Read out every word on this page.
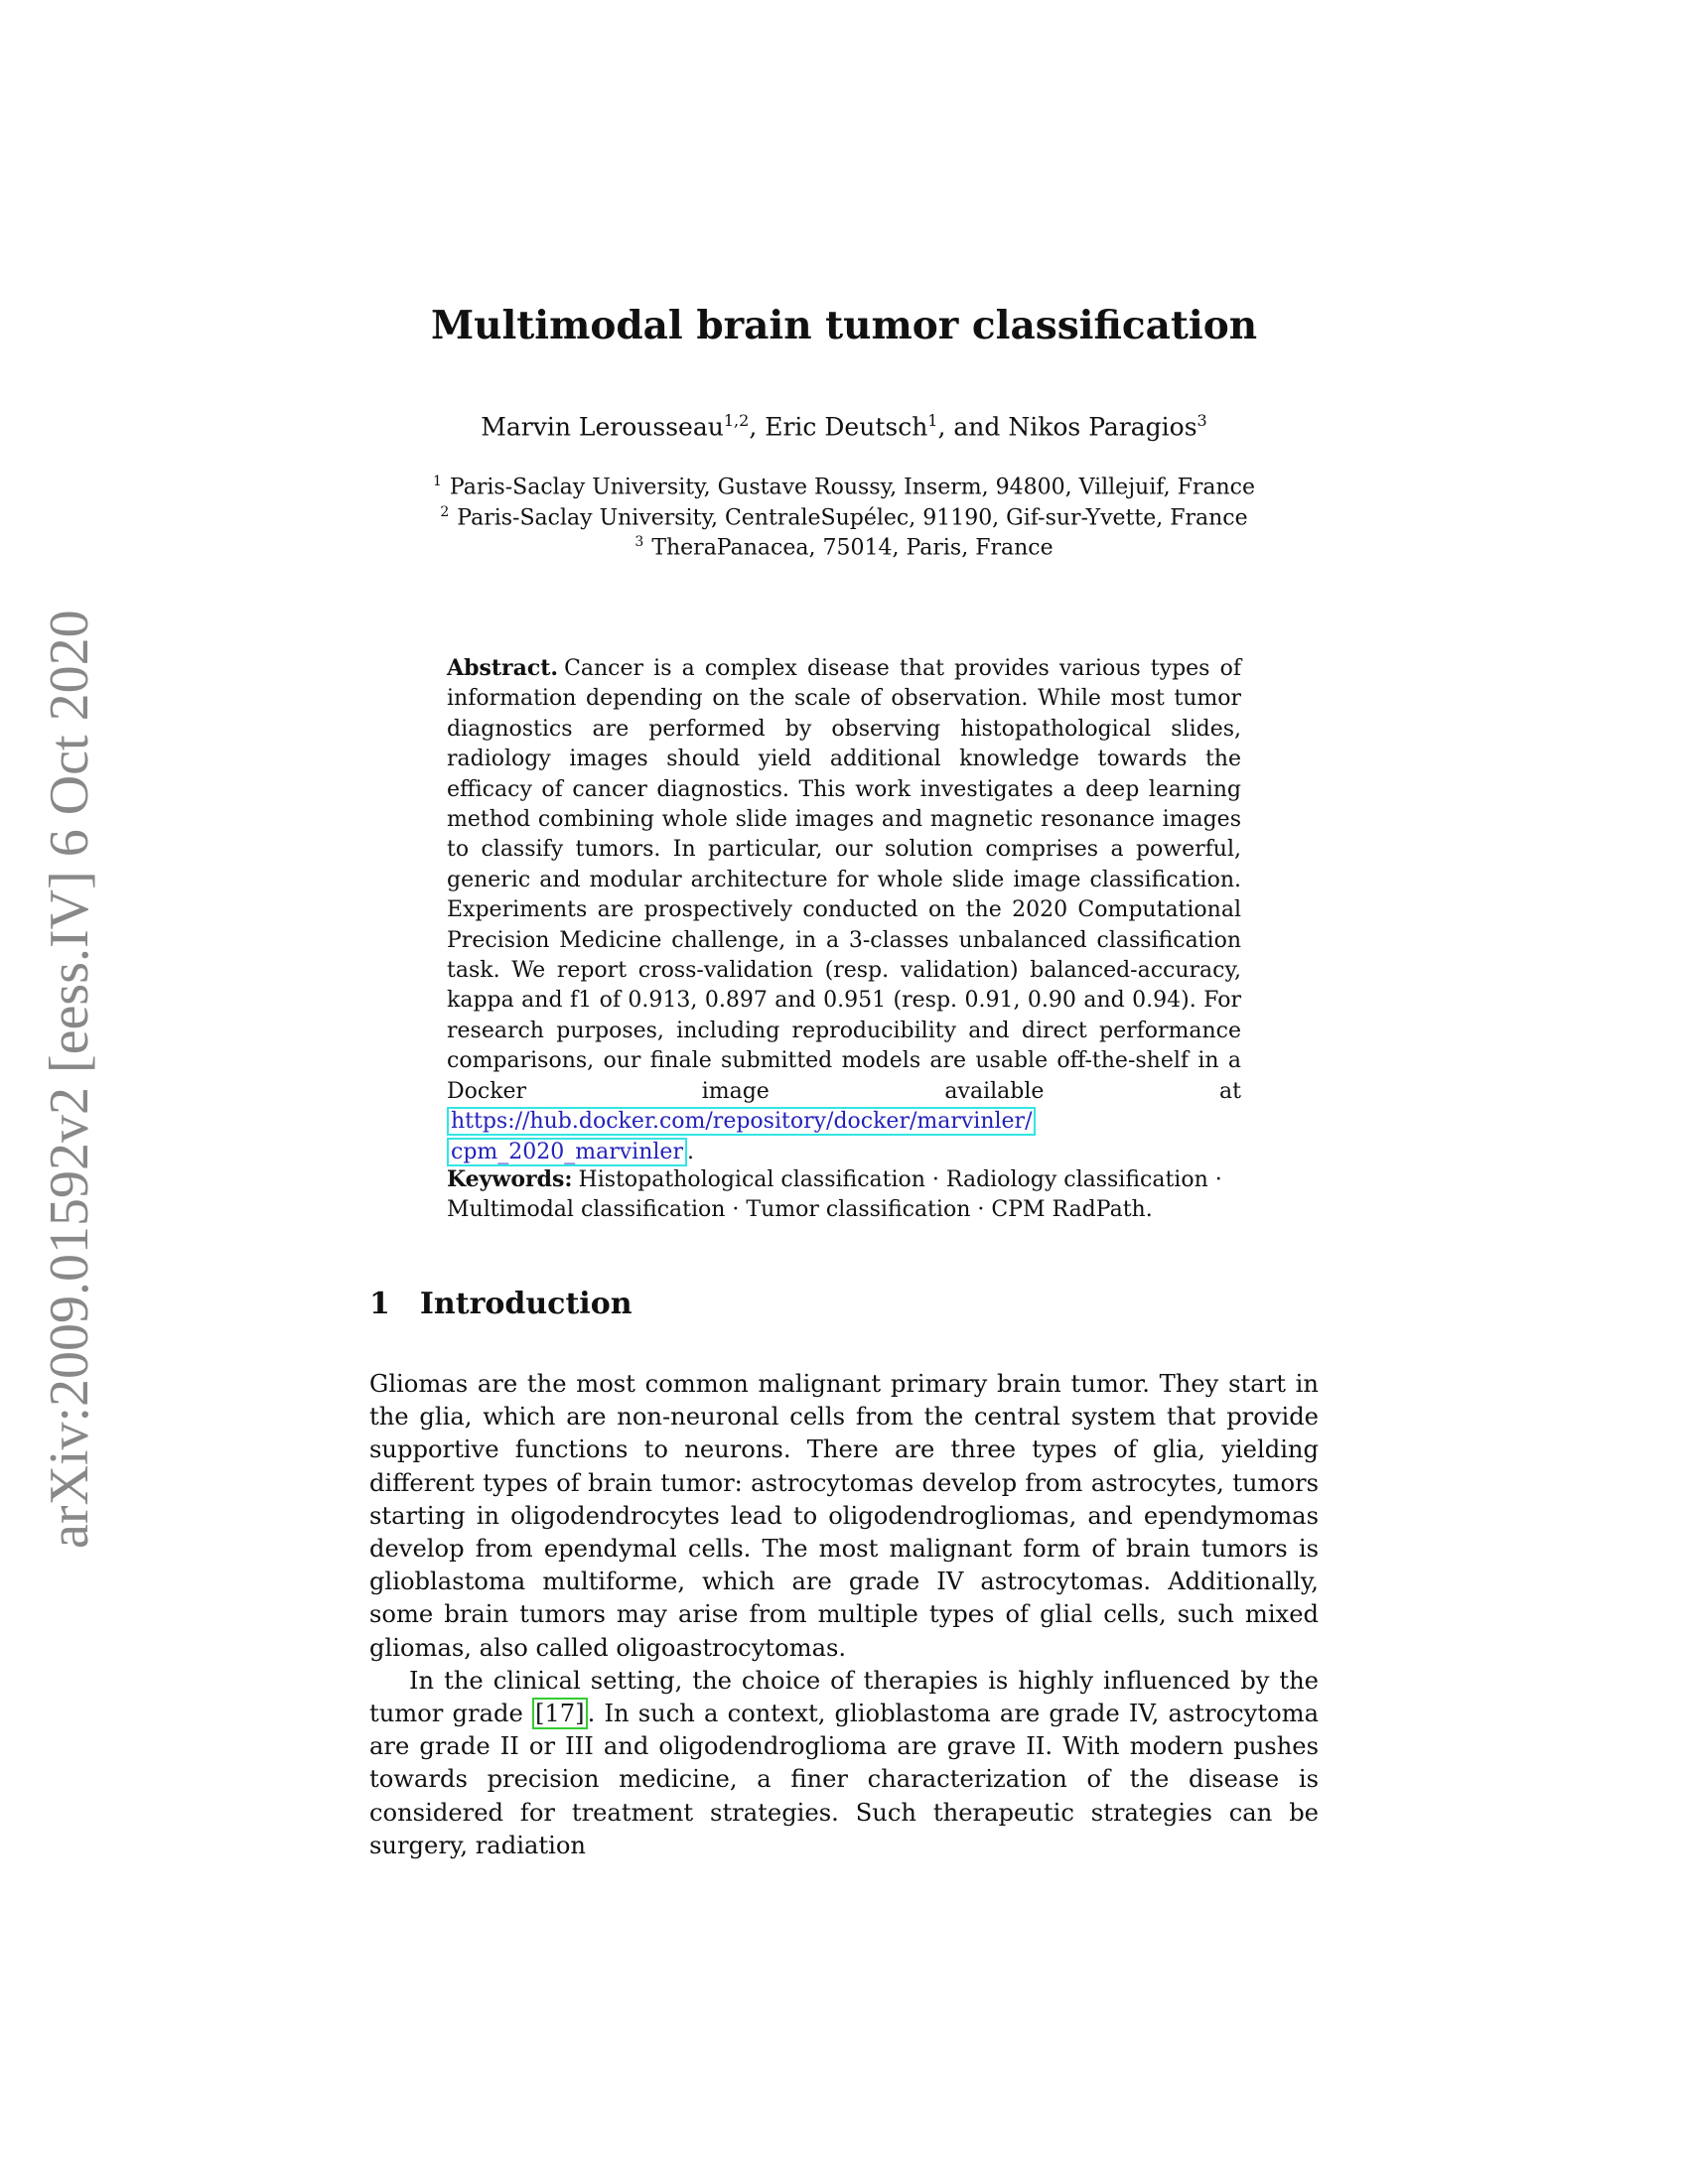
arXiv:2009.01592v2 [eess.IV] 6 Oct 2020
Multimodal brain tumor classification
Marvin Lerousseau$^{1,2}$, Eric Deutsch$^1$, and Nikos Paragios$^3$
$^1$ Paris-Saclay University, Gustave Roussy, Inserm, 94800, Villejuif, France
$^2$ Paris-Saclay University, CentraleSupélec, 91190, Gif-sur-Yvette, France
$^3$ TheraPanacea, 75014, Paris, France
Abstract. Cancer is a complex disease that provides various types of information depending on the scale of observation. While most tumor diagnostics are performed by observing histopathological slides, radiology images should yield additional knowledge towards the efficacy of cancer diagnostics. This work investigates a deep learning method combining whole slide images and magnetic resonance images to classify tumors. In particular, our solution comprises a powerful, generic and modular architecture for whole slide image classification. Experiments are prospectively conducted on the 2020 Computational Precision Medicine challenge, in a 3-classes unbalanced classification task. We report cross-validation (resp. validation) balanced-accuracy, kappa and f1 of 0.913, 0.897 and 0.951 (resp. 0.91, 0.90 and 0.94). For research purposes, including reproducibility and direct performance comparisons, our finale submitted models are usable off-the-shelf in a Docker image available at https://hub.docker.com/repository/docker/marvinler/
cpm_2020_marvinler .
Keywords: Histopathological classification · Radiology classification · Multimodal classification · Tumor classification · CPM RadPath.
1 Introduction

Gliomas are the most common malignant primary brain tumor. They start in the glia, which are non-neuronal cells from the central system that provide supportive functions to neurons. There are three types of glia, yielding different types of brain tumor: astrocytomas develop from astrocytes, tumors starting in oligodendrocytes lead to oligodendrogliomas, and ependymomas develop from ependymal cells. The most malignant form of brain tumors is glioblastoma multiforme, which are grade IV astrocytomas. Additionally, some brain tumors may arise from multiple types of glial cells, such mixed gliomas, also called oligoastrocytomas.

In the clinical setting, the choice of therapies is highly influenced by the tumor grade [17] . In such a context, glioblastoma are grade IV, astrocytoma are grade II or III and oligodendroglioma are grave II. With modern pushes towards precision medicine, a finer characterization of the disease is considered for treatment strategies. Such therapeutic strategies can be surgery, radiation
